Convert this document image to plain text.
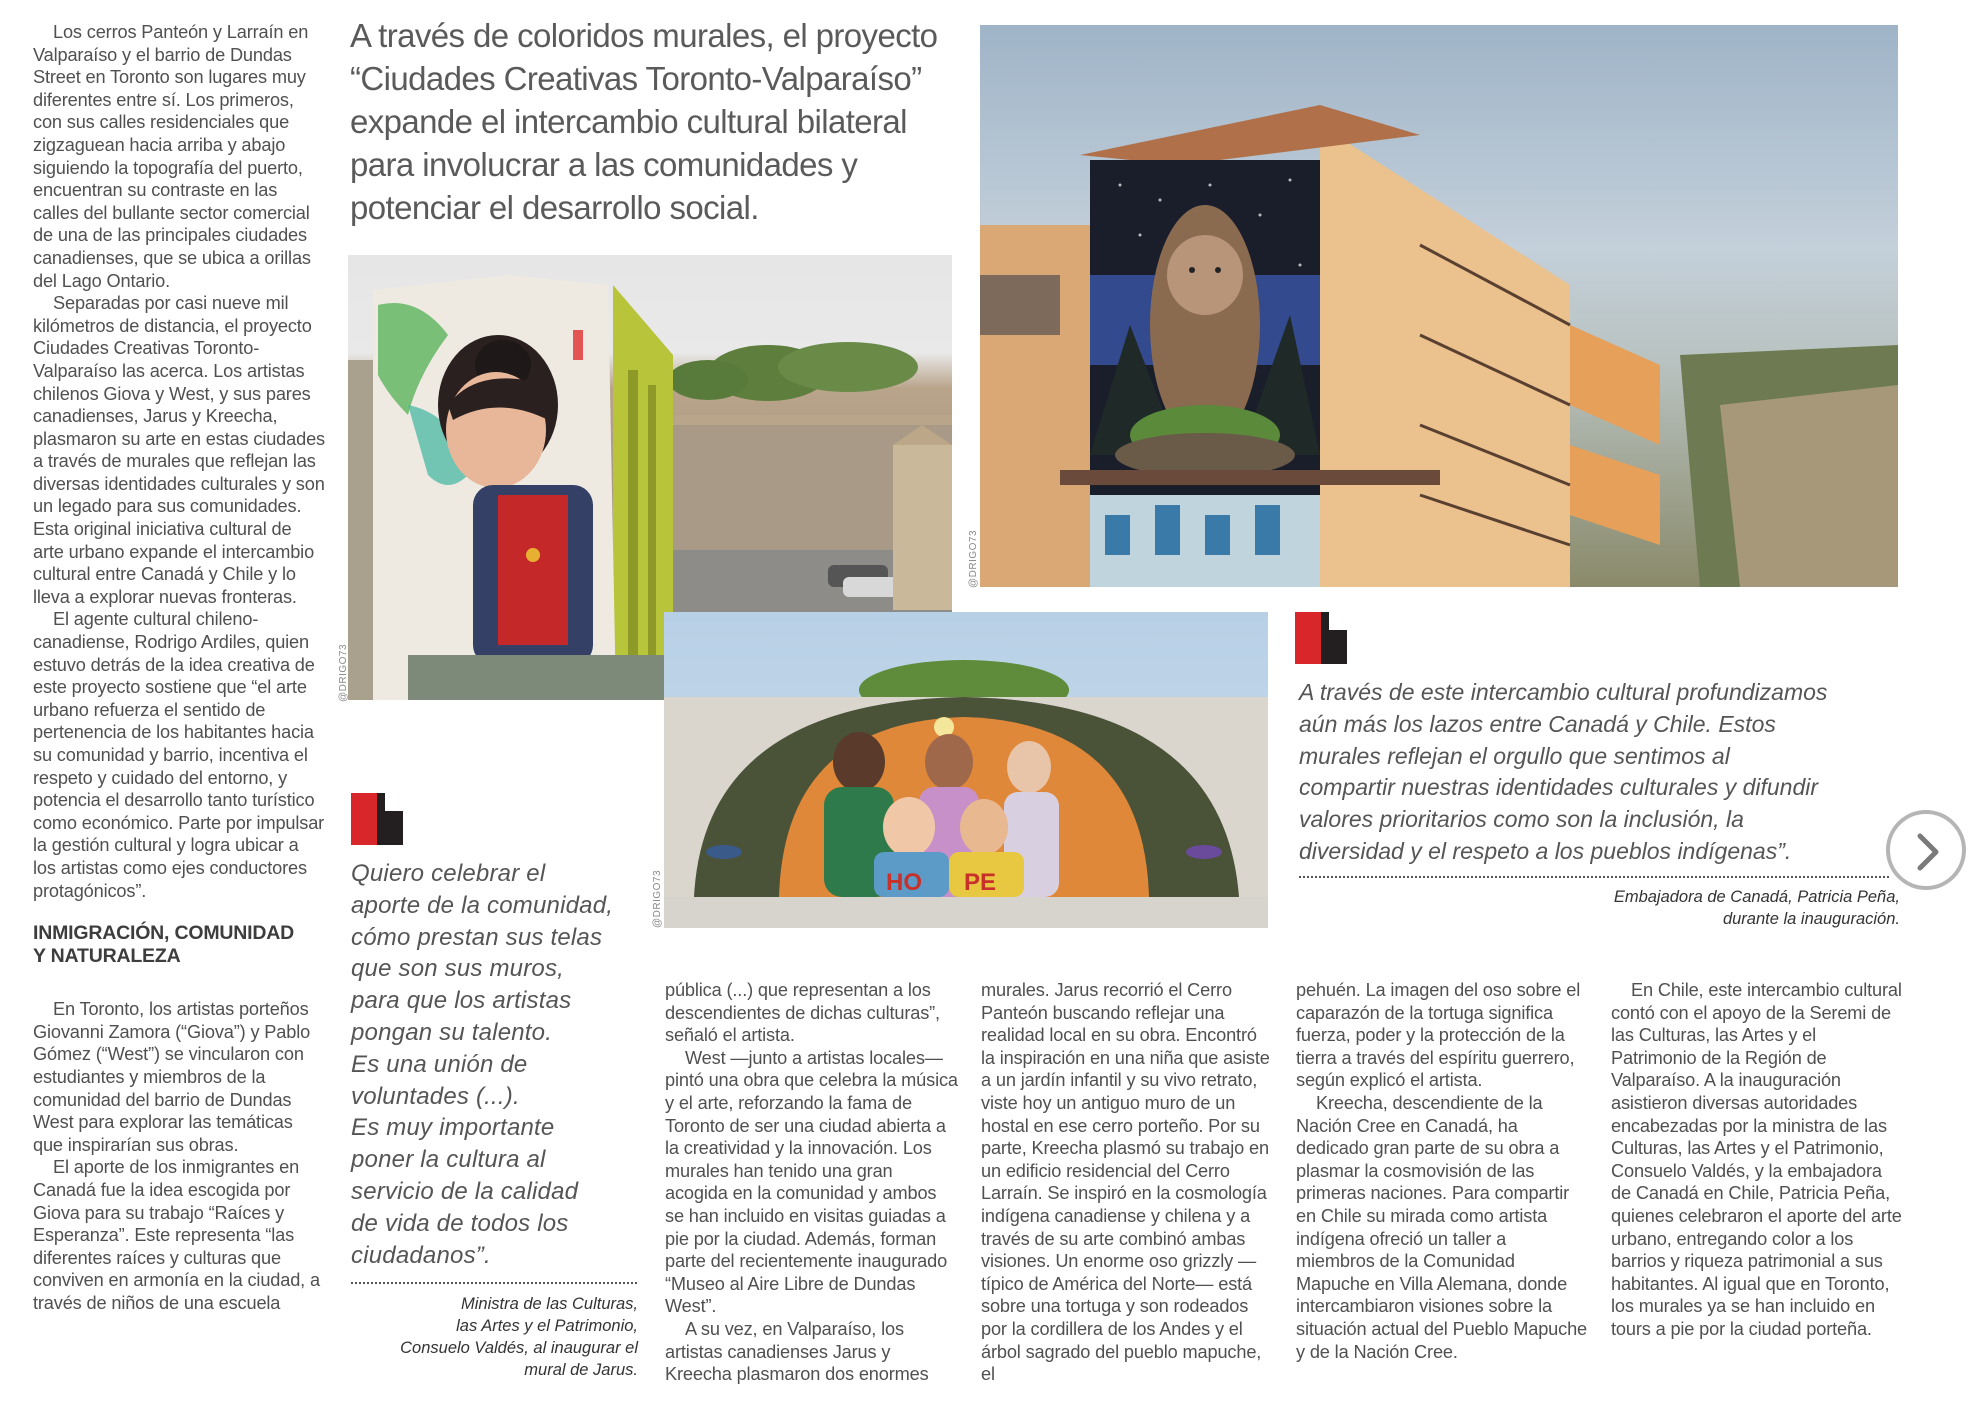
Los cerros Panteón y Larraín en Valparaíso y el barrio de Dundas Street en Toronto son lugares muy diferentes entre sí. Los primeros, con sus calles residenciales que zigzaguean hacia arriba y abajo siguiendo la topografía del puerto, encuentran su contraste en las calles del bullante sector comercial de una de las principales ciudades canadienses, que se ubica a orillas del Lago Ontario.

Separadas por casi nueve mil kilómetros de distancia, el proyecto Ciudades Creativas Toronto-Valparaíso las acerca. Los artistas chilenos Giova y West, y sus pares canadienses, Jarus y Kreecha, plasmaron su arte en estas ciudades a través de murales que reflejan las diversas identidades culturales y son un legado para sus comunidades. Esta original iniciativa cultural de arte urbano expande el intercambio cultural entre Canadá y Chile y lo lleva a explorar nuevas fronteras.

El agente cultural chileno-canadiense, Rodrigo Ardiles, quien estuvo detrás de la idea creativa de este proyecto sostiene que “el arte urbano refuerza el sentido de pertenencia de los habitantes hacia su comunidad y barrio, incentiva el respeto y cuidado del entorno, y potencia el desarrollo tanto turístico como económico. Parte por impulsar la gestión cultural y logra ubicar a los artistas como ejes conductores protagónicos”.

INMIGRACIÓN, COMUNIDAD
Y NATURALEZA

En Toronto, los artistas porteños Giovanni Zamora (“Giova”) y Pablo Gómez (“West”) se vincularon con estudiantes y miembros de la comunidad del barrio de Dundas West para explorar las temáticas que inspirarían sus obras.

El aporte de los inmigrantes en Canadá fue la idea escogida por Giova para su trabajo “Raíces y Esperanza”. Este representa “las diferentes raíces y culturas que conviven en armonía en la ciudad, a través de niños de una escuela

A través de coloridos murales, el proyecto
“Ciudades Creativas Toronto-Valparaíso”
expande el intercambio cultural bilateral
para involucrar a las comunidades y
potenciar el desarrollo social.
@DRIGO73
@DRIGO73
HO PE
@DRIGO73
Quiero celebrar el
aporte de la comunidad,
cómo prestan sus telas
que son sus muros,
para que los artistas
pongan su talento.
Es una unión de
voluntades (...).
Es muy importante
poner la cultura al
servicio de la calidad
de vida de todos los
ciudadanos”.
Ministra de las Culturas,
las Artes y el Patrimonio,
Consuelo Valdés, al inaugurar el
mural de Jarus.
A través de este intercambio cultural profundizamos
aún más los lazos entre Canadá y Chile. Estos
murales reflejan el orgullo que sentimos al
compartir nuestras identidades culturales y difundir
valores prioritarios como son la inclusión, la
diversidad y el respeto a los pueblos indígenas”.
Embajadora de Canadá, Patricia Peña,
durante la inauguración.

pública (...) que representan a los descendientes de dichas culturas”, señaló el artista.

West —junto a artistas locales— pintó una obra que celebra la música y el arte, reforzando la fama de Toronto de ser una ciudad abierta a la creatividad y la innovación. Los murales han tenido una gran acogida en la comunidad y ambos se han incluido en visitas guiadas a pie por la ciudad. Además, forman parte del recientemente inaugurado “Museo al Aire Libre de Dundas West”.

A su vez, en Valparaíso, los artistas canadienses Jarus y Kreecha plasmaron dos enormes

murales. Jarus recorrió el Cerro Panteón buscando reflejar una realidad local en su obra. Encontró la inspiración en una niña que asiste a un jardín infantil y su vivo retrato, viste hoy un antiguo muro de un hostal en ese cerro porteño. Por su parte, Kreecha plasmó su trabajo en un edificio residencial del Cerro Larraín. Se inspiró en la cosmología indígena canadiense y chilena y a través de su arte combinó ambas visiones. Un enorme oso grizzly —típico de América del Norte— está sobre una tortuga y son rodeados por la cordillera de los Andes y el árbol sagrado del pueblo mapuche, el

pehuén. La imagen del oso sobre el caparazón de la tortuga significa fuerza, poder y la protección de la tierra a través del espíritu guerrero, según explicó el artista.

Kreecha, descendiente de la Nación Cree en Canadá, ha dedicado gran parte de su obra a plasmar la cosmovisión de las primeras naciones. Para compartir en Chile su mirada como artista indígena ofreció un taller a miembros de la Comunidad Mapuche en Villa Alemana, donde intercambiaron visiones sobre la situación actual del Pueblo Mapuche y de la Nación Cree.

En Chile, este intercambio cultural contó con el apoyo de la Seremi de las Culturas, las Artes y el Patrimonio de la Región de Valparaíso. A la inauguración asistieron diversas autoridades encabezadas por la ministra de las Culturas, las Artes y el Patrimonio, Consuelo Valdés, y la embajadora de Canadá en Chile, Patricia Peña, quienes celebraron el aporte del arte urbano, entregando color a los barrios y riqueza patrimonial a sus habitantes. Al igual que en Toronto, los murales ya se han incluido en tours a pie por la ciudad porteña.
